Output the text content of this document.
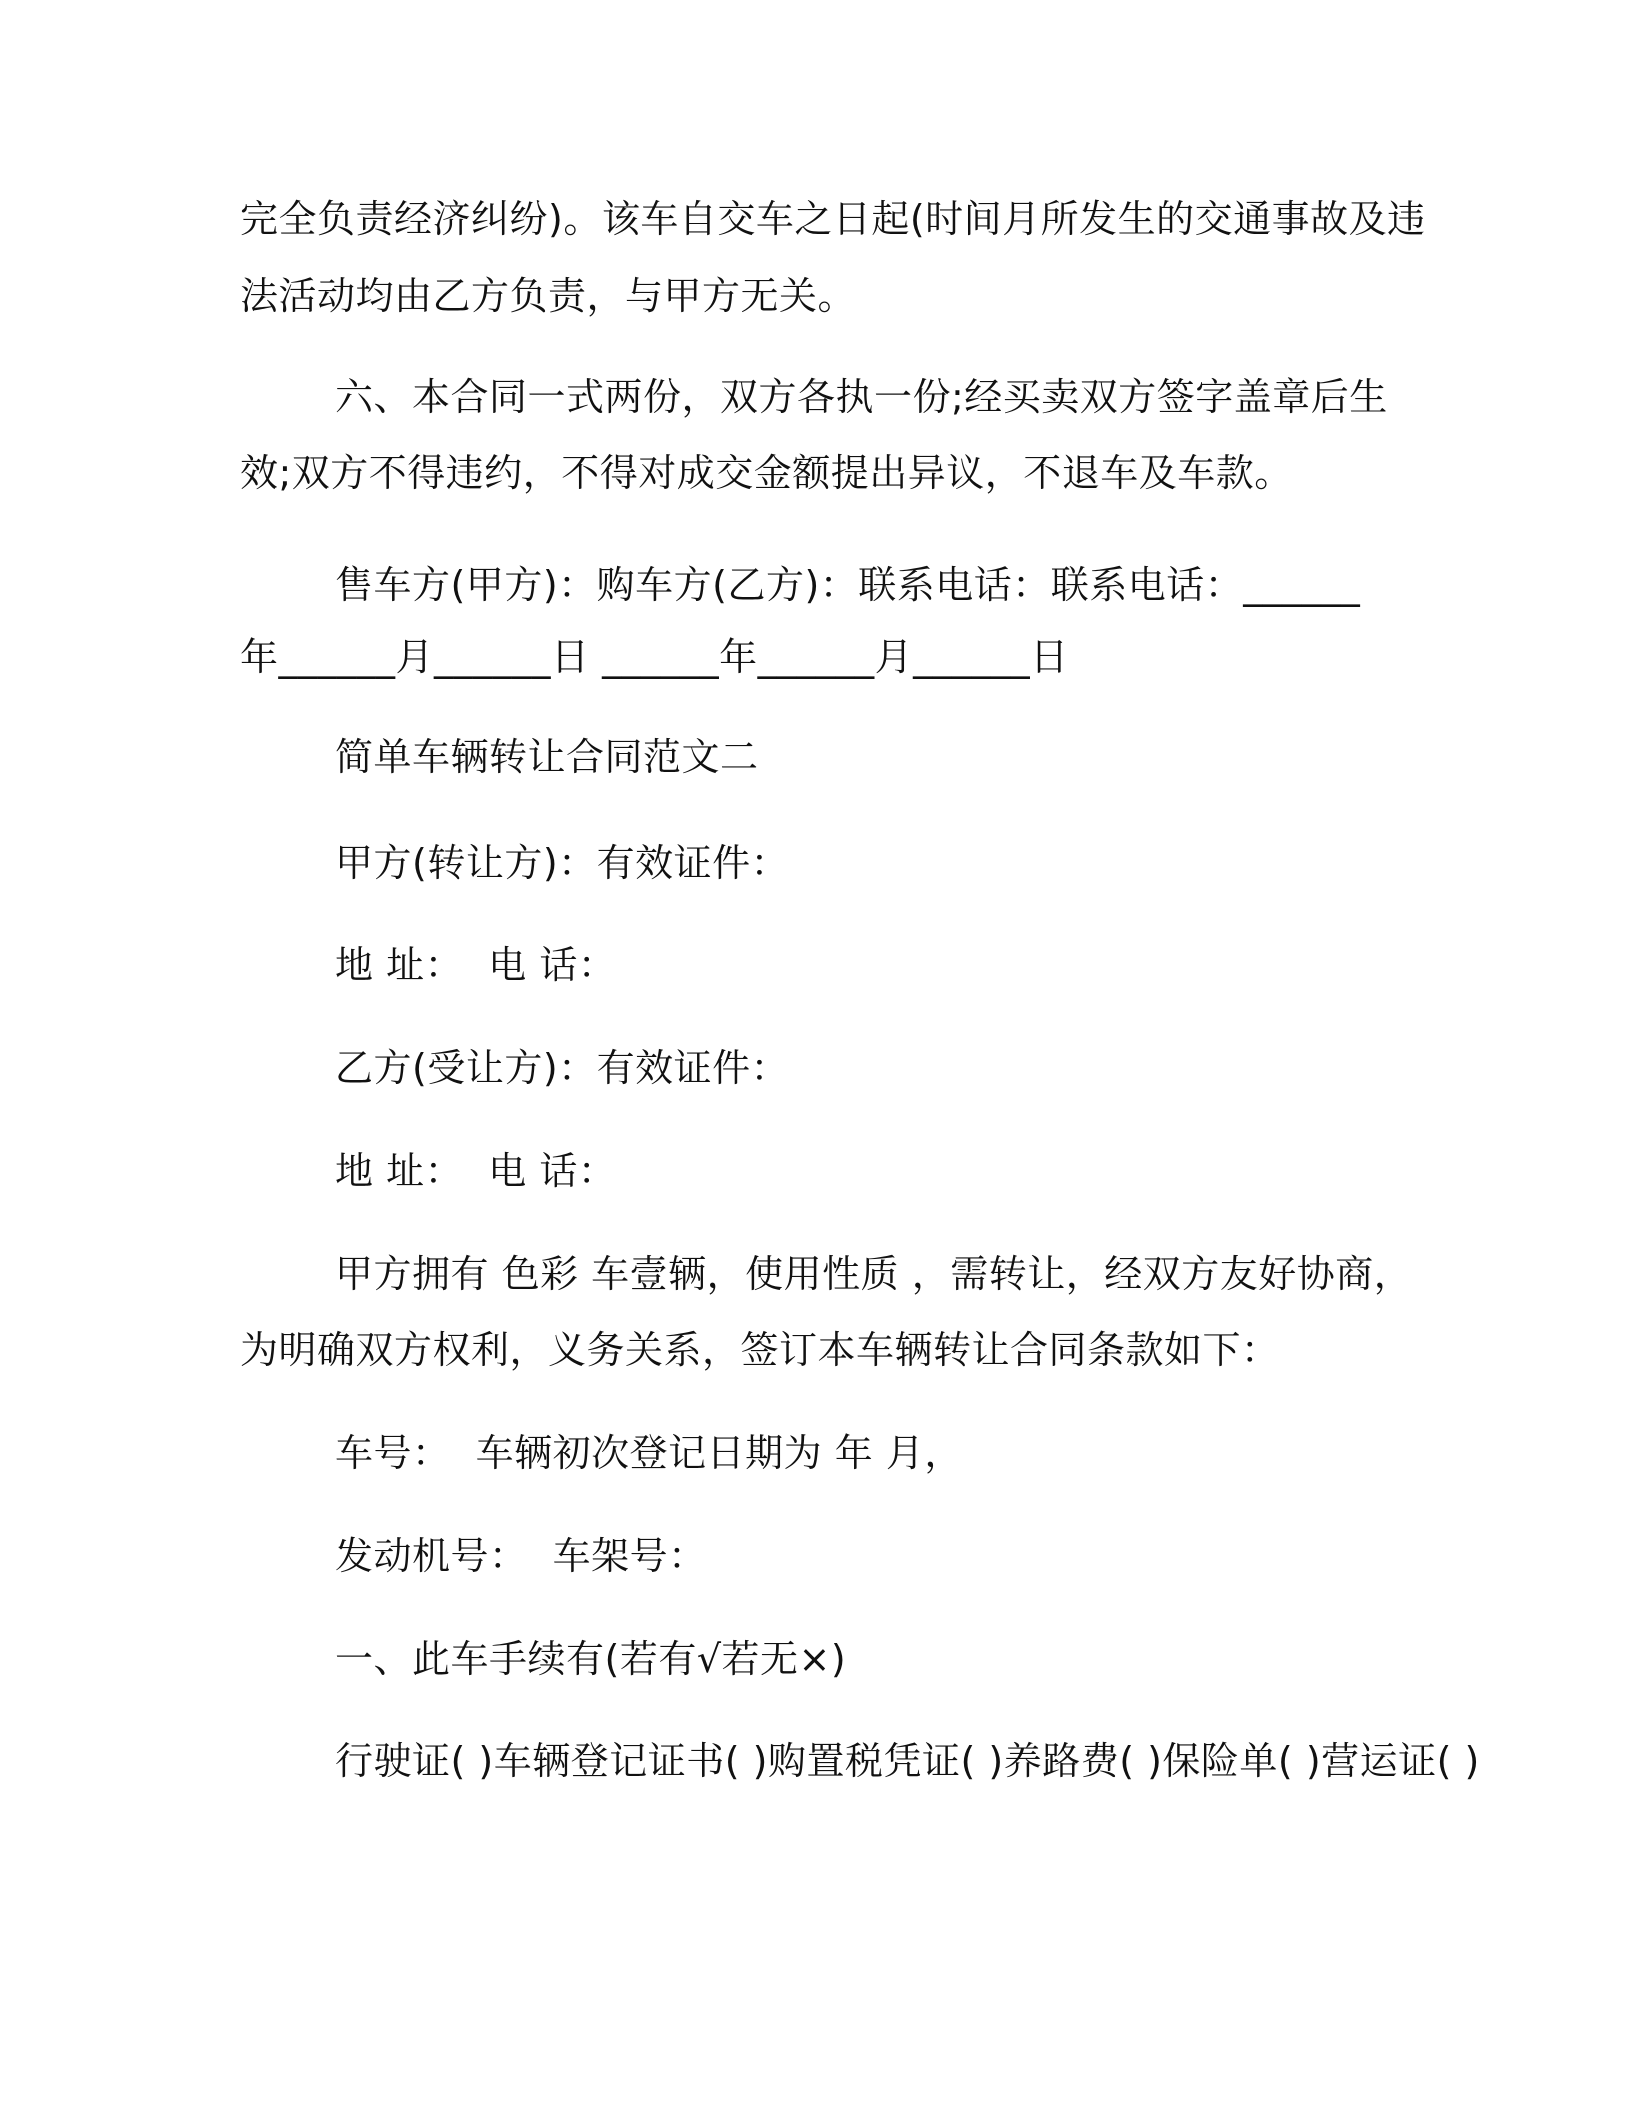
完全负责经济纠纷)。该车自交车之日起(时间月所发生的交通事故及违
法活动均由乙方负责，与甲方无关。
六、本合同一式两份，双方各执一份;经买卖双方签字盖章后生
效;双方不得违约，不得对成交金额提出异议，不退车及车款。
售车方(甲方)：购车方(乙方)：联系电话：联系电话：______
年______月______日 ______年______月______日
简单车辆转让合同范文二
甲方(转让方)：有效证件：
地 址：  电 话：
乙方(受让方)：有效证件：
地 址：  电 话：
甲方拥有 色彩 车壹辆，使用性质 ，需转让，经双方友好协商，
为明确双方权利，义务关系，签订本车辆转让合同条款如下：
车号：  车辆初次登记日期为 年 月，
发动机号：  车架号：
一、此车手续有(若有√若无×)
行驶证( )车辆登记证书( )购置税凭证( )养路费( )保险单( )营运证( )
